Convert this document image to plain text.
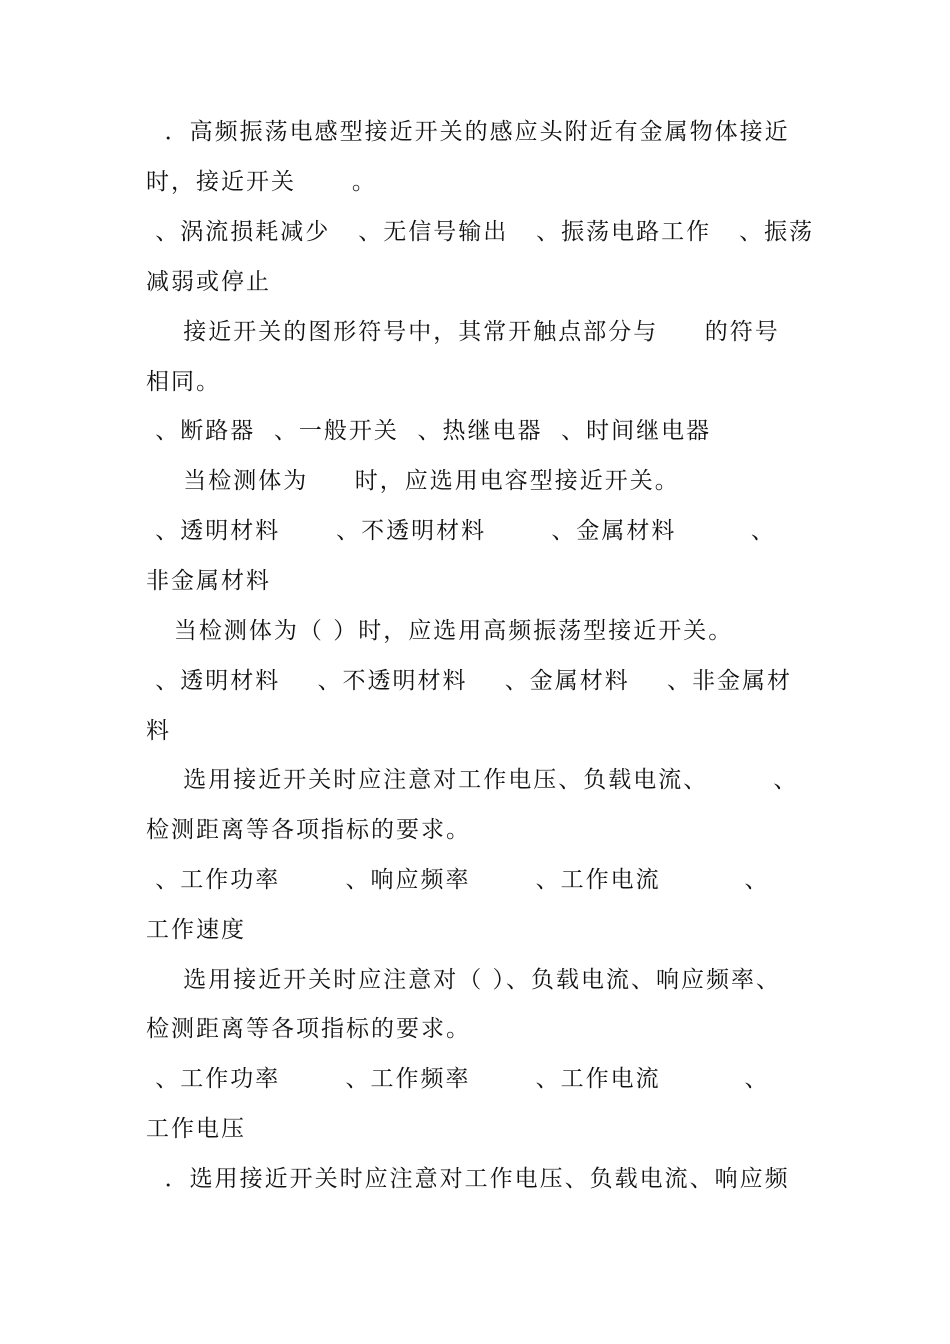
．高频振荡电感型接近开关的感应头附近有金属物体接近
时，接近开关      。
、涡流损耗减少   、无信号输出   、振荡电路工作   、振荡
减弱或停止
接近开关的图形符号中，其常开触点部分与     的符号
相同。
、断路器  、一般开关  、热继电器  、时间继电器
当检测体为     时，应选用电容型接近开关。
、透明材料      、不透明材料       、金属材料        、
非金属材料
当检测体为（ ）时，应选用高频振荡型接近开关。
、透明材料    、不透明材料    、金属材料    、非金属材
料
选用接近开关时应注意对工作电压、负载电流、       、
检测距离等各项指标的要求。
、工作功率       、响应频率       、工作电流         、
工作速度
选用接近开关时应注意对（ ）、负载电流、响应频率、
检测距离等各项指标的要求。
、工作功率       、工作频率       、工作电流         、
工作电压
．选用接近开关时应注意对工作电压、负载电流、响应频
